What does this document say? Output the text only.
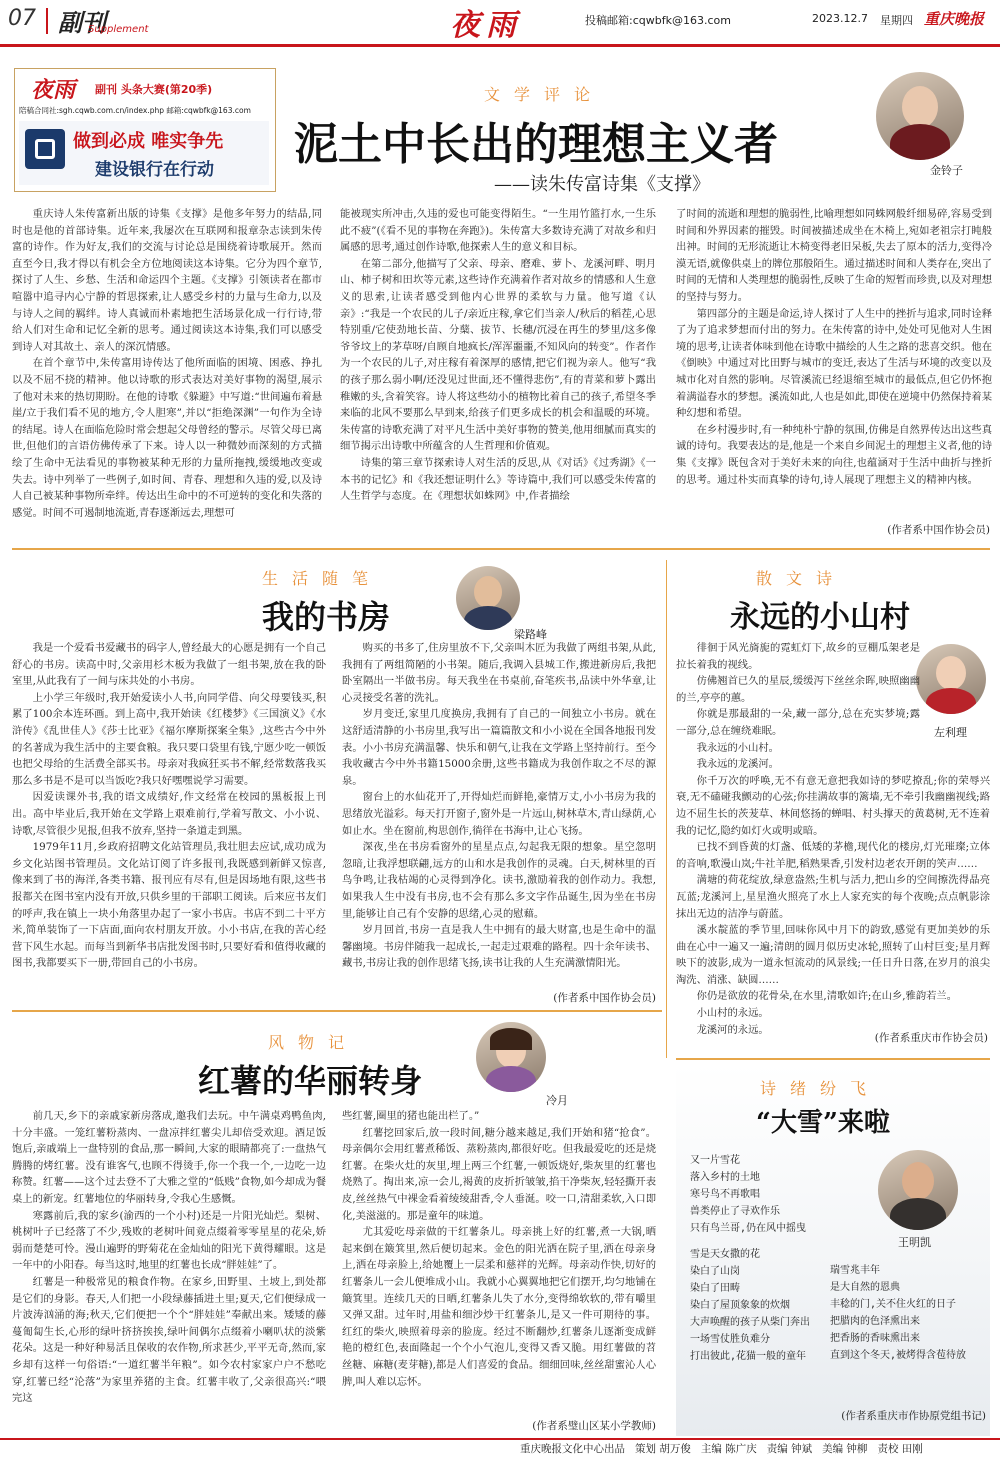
07 副刊
Supplement	夜雨	投稿邮箱:cqwbfk@163.com	2023.12.7 星期四 重庆晚报
夜雨 副刊 头条大赛(第20季)
陪稿合同社:sgh.cqwb.com.cn/index.php 邮箱:cqwbfk@163.com
做到必成 唯实争先
建设银行在行动
文学评论
泥土中长出的理想主义者
——读朱传富诗集《支撑》
金铃子

重庆诗人朱传富新出版的诗集《支撑》是他多年努力的结晶,同时也是他的首部诗集。近年来,我屡次在互联网和报章杂志读到朱传富的诗作。作为好友,我们的交流与讨论总是围绕着诗歌展开。然而直至今日,我才得以有机会全方位地阅读这本诗集。它分为四个章节,探讨了人生、乡愁、生活和命运四个主题。《支撑》引领读者在都市喧嚣中追寻内心宁静的哲思探索,让人感受乡村的力量与生命力,以及与诗人之间的羁绊。诗人真诚而朴素地把生活场景化成一行行诗,带给人们对生命和记忆全新的思考。通过阅读这本诗集,我们可以感受到诗人对其故土、亲人的深沉情感。

在首个章节中,朱传富用诗传达了他所面临的困境、困惑、挣扎以及不屈不挠的精神。他以诗歌的形式表达对美好事物的渴望,展示了他对未来的热切期盼。在他的诗歌《躲避》中写道:“世间遍布着悬崖/立于我们看不见的地方,令人胆寒”,并以“拒绝深渊”一句作为全诗的结尾。诗人在面临危险时常会想起父母曾经的警示。尽管父母已离世,但他们的言语仿佛传承了下来。诗人以一种微妙而深刻的方式描绘了生命中无法看见的事物被某种无形的力量所拖拽,缓缓地改变或失去。诗中列举了一些例子,如时间、青春、理想和久违的爱,以及诗人自己被某种事物所牵绊。传达出生命中的不可逆转的变化和失落的感觉。时间不可遏制地流逝,青春逐渐远去,理想可

能被现实所冲击,久违的爱也可能变得陌生。“一生用竹篮打水,一生乐此不疲”(《看不见的事物在奔跑》)。朱传富大多数诗充满了对故乡和归属感的思考,通过创作诗歌,他探索人生的意义和目标。

在第二部分,他描写了父亲、母亲、磨难、萝卜、龙溪河畔、明月山、柿子树和田坎等元素,这些诗作充满着作者对故乡的情感和人生意义的思索,让读者感受到他内心世界的柔软与力量。他写道《认亲》:“我是一个农民的儿子/亲近庄稼,拿它们当亲人/秋后的稻茬,心思特别重/它使劲地长苗、分蘖、拔节、长穗/沉浸在再生的梦里/这多像爷爷坟上的茅草呀/自顾自地疯长/浑浑噩噩,不知风向的转变”。作者作为一个农民的儿子,对庄稼有着深厚的感情,把它们视为亲人。他写“我的孩子那么弱小啊/还没见过世面,还不懂得悲伤”,有的青菜和萝卜露出稚嫩的头,含着笑容。诗人将这些幼小的植物比着自己的孩子,希望冬季来临的北风不要那么早到来,给孩子们更多成长的机会和温暖的环境。朱传富的诗歌充满了对平凡生活中美好事物的赞美,他用细腻而真实的细节揭示出诗歌中所蕴含的人生哲理和价值观。

诗集的第三章节探索诗人对生活的反思,从《对话》《过秀湖》《一本书的记忆》和《我还想证明什么》等诗篇中,我们可以感受朱传富的人生哲学与态度。在《理想状如蛛网》中,作者描绘

了时间的流逝和理想的脆弱性,比喻理想如同蛛网般纤细易碎,容易受到时间和外界因素的摧毁。时间被描述成坐在木椅上,宛如老祖宗打盹般出神。时间的无形流逝让木椅变得老旧呆板,失去了原本的活力,变得冷漠无语,就像供桌上的牌位那般陌生。通过描述时间和人类存在,突出了时间的无情和人类理想的脆弱性,反映了生命的短暂而珍贵,以及对理想的坚持与努力。

第四部分的主题是命运,诗人探讨了人生中的挫折与追求,同时诠释了为了追求梦想而付出的努力。在朱传富的诗中,处处可见他对人生困境的思考,让读者体味到他在诗歌中描绘的人生之路的悲喜交织。他在《倒映》中通过对比田野与城市的变迁,表达了生活与环境的改变以及城市化对自然的影响。尽管溪流已经退缩至城市的最低点,但它仍怀抱着满溢春水的梦想。溪流如此,人也是如此,即使在逆境中仍然保持着某种幻想和希望。

在乡村漫步时,有一种纯朴宁静的氛围,仿佛是自然界传达出这些真诚的诗句。我要表达的是,他是一个来自乡间泥土的理想主义者,他的诗集《支撑》既包含对于美好未来的向往,也蕴涵对于生活中曲折与挫折的思考。通过朴实而真挚的诗句,诗人展现了理想主义的精神内核。

(作者系中国作协会员)
生活随笔
我的书房	梁路峰

我是一个爱看书爱藏书的码字人,曾经最大的心愿是拥有一个自己舒心的书房。读高中时,父亲用杉木板为我做了一组书架,放在我的卧室里,从此我有了一间与床共处的小书房。

上小学三年级时,我开始爱读小人书,向同学借、向父母要钱买,积累了100余本连环画。到上高中,我开始读《红楼梦》《三国演义》《水浒传》《乱世佳人》《莎士比亚》《福尔摩斯探案全集》,这些古今中外的名著成为我生活中的主要食粮。我只要口袋里有钱,宁愿少吃一顿饭也把父母给的生活费全部买书。母亲对我疯狂买书不解,经常数落我买那么多书是不是可以当饭吃?我只好嘿嘿说学习需要。

因爱读课外书,我的语文成绩好,作文经常在校园的黑板报上刊出。高中毕业后,我开始在文学路上艰难前行,学着写散文、小小说、诗歌,尽管很少见报,但我不放弃,坚持一条道走到黑。

1979年11月,乡政府招聘文化站管理员,我壮胆去应试,成功成为乡文化站图书管理员。文化站订阅了许多报刊,我既感到新鲜又惊喜,像来到了书的海洋,各类书籍、报刊应有尽有,但是因场地有限,这些书报都关在图书室内没有开放,只供乡里的干部职工阅读。后来应书友们的呼声,我在镇上一块小角落里办起了一家小书店。书店不到二十平方米,简单装饰了一下店面,面向农村朋友开放。小小书店,在我的苦心经营下风生水起。而每当到新华书店批发图书时,只要好看和值得收藏的图书,我都要买下一册,带回自己的小书房。

购买的书多了,住房里放不下,父亲叫木匠为我做了两组书架,从此,我拥有了两组简陋的小书架。随后,我调入县城工作,搬进新房后,我把卧室隔出一半做书房。每天我坐在书桌前,奋笔疾书,品读中外华章,让心灵接受名著的洗礼。

岁月变迁,家里几度换房,我拥有了自己的一间独立小书房。就在这舒适清静的小书房里,我写出一篇篇散文和小小说在全国各地报刊发表。小小书房充满温馨、快乐和朝气,让我在文学路上坚持前行。至今我收藏古今中外书籍15000余册,这些书籍成为我创作取之不尽的源泉。

窗台上的水仙花开了,开得灿烂而鲜艳,豪情万丈,小小书房为我的思绪放光溢彩。每天打开窗子,窗外是一片远山,树林草木,青山绿荫,心如止水。坐在窗前,构思创作,徜徉在书海中,让心飞扬。

深夜,坐在书房看窗外的星星点点,勾起我无限的想象。星空忽明忽暗,让我浮想联翩,远方的山和水是我创作的灵魂。白天,树林里的百鸟争鸣,让我枯竭的心灵得到净化。读书,激励着我的创作动力。我想,如果我人生中没有书房,也不会有那么多文字作品诞生,因为坐在书房里,能够让自己有个安静的思绪,心灵的慰藉。

岁月回首,书房一直是我人生中拥有的最大财富,也是生命中的温馨幽境。书房伴随我一起成长,一起走过艰难的路程。四十余年读书、藏书,书房让我的创作思绪飞扬,读书让我的人生充满激情阳光。

(作者系中国作协会员)
散文诗
永远的小山村
左利理

徘徊于风光旖旎的霓虹灯下,故乡的豆棚瓜架老是拉长着我的视线。

仿佛翘首已久的星辰,缓缓泻下丝丝余晖,映照幽幽的兰,亭亭的蕙。

你就是那最甜的一朵,藏一部分,总在充实梦境;露一部分,总在缠绕难眠。

我永远的小山村。

我永远的龙溪河。

你千万次的呼唤,无不有意无意把我如诗的梦呓撩乱;你的荣辱兴衰,无不磕碰我颤动的心弦;你挂满故事的篱墙,无不牵引我幽幽视线;路边不屈生长的茨茇草、林间悠扬的蝉唱、村头撑天的黄葛树,无不连着我的记忆,隐约如灯火或明或暗。

已找不到昏黄的灯盏、低矮的茅檐,现代化的楼房,灯光璀璨;立体的音响,歌漫山岚;牛社羊肥,稻熟果香,引发村边老农开朗的笑声……

满塘的荷花绽放,绿意盎然;生机与活力,把山乡的空间擦洗得晶亮瓦蓝;龙溪河上,星星渔火照亮了水上人家充实的每个夜晚;点点帆影涂抹出无边的洁净与蔚蓝。

溪水靛蓝的季节里,回味你风中月下的韵致,感觉有更加美妙的乐曲在心中一遍又一遍;清朗的圆月似历史冰轮,照转了山村巨变;星月辉映下的波影,成为一道永恒流动的风景线;一任日升日落,在岁月的浪尖淘洗、消涨、缺圆……

你仍是欲放的花骨朵,在水里,清歌如许;在山乡,雅韵若兰。

小山村的永远。

龙溪河的永远。

(作者系重庆市作协会员)
风物记
红薯的华丽转身
冷月

前几天,乡下的亲戚家新房落成,邀我们去玩。中午满桌鸡鸭鱼肉,十分丰盛。一笼红薯粉蒸肉、一盘凉拌红薯尖儿却倍受欢迎。酒足饭饱后,亲戚端上一盘特别的食品,那一瞬间,大家的眼睛都亮了:一盘热气腾腾的烤红薯。没有谁客气,也顾不得烫手,你一个我一个,一边吃一边称赞。红薯——这个过去登不了大雅之堂的“低贱”食物,如今却成为餐桌上的新宠。红薯地位的华丽转身,令我心生感慨。

寒露前后,我的家乡(渝西的一个小村)还是一片阳光灿烂。梨树、桃树叶子已经落了不少,残败的老树叶间竟点缀着零零星星的花朵,娇弱而楚楚可怜。漫山遍野的野菊花在金灿灿的阳光下黄得耀眼。这是一年中的小阳春。每当这时,地里的红薯也长成“胖娃娃”了。

红薯是一种极常见的粮食作物。在家乡,田野里、土坡上,到处都是它们的身影。春天,人们把一小段绿藤插进土里;夏天,它们便绿成一片波涛汹涌的海;秋天,它们便把一个个“胖娃娃”奉献出来。矮矮的藤蔓匍匐生长,心形的绿叶挤挤挨挨,绿叶间偶尔点缀着小喇叭状的淡紫花朵。这是一种好种易活且保收的农作物,所求甚少,平平无奇,然而,家乡却有这样一句俗语:“一道红薯半年粮”。如今农村家家户户不愁吃穿,红薯已经“沦落”为家里养猪的主食。红薯丰收了,父亲很高兴:“喂完这

些红薯,圈里的猪也能出栏了。”

红薯挖回家后,放一段时间,糖分越来越足,我们开始和猪“抢食”。母亲偶尔会用红薯煮稀饭、蒸粉蒸肉,都很好吃。但我最爱吃的还是烧红薯。在柴火灶的灰里,埋上两三个红薯,一顿饭烧好,柴灰里的红薯也烧熟了。掏出来,凉一会儿,褐黄的皮折折皱皱,掐干净柴灰,轻轻撕开表皮,丝丝热气中裸金看着绫绫甜香,令人垂涎。咬一口,清甜柔软,入口即化,美滋滋的。那是童年的味道。

尤其爱吃母亲做的干红薯条儿。母亲挑上好的红薯,煮一大锅,晒起来倒在簸箕里,然后便切起来。金色的阳光洒在院子里,洒在母亲身上,洒在母亲脸上,给她覆上一层柔和慈祥的光辉。母亲动作快,切好的红薯条儿一会儿便堆成小山。我就小心翼翼地把它们摆开,均匀地铺在簸箕里。连续几天的日晒,红薯条儿失了水分,变得绵软软的,带有嚼里又弹又甜。过年时,用盐和细沙炒干红薯条儿,是又一件可期待的事。红红的柴火,映照着母亲的脸庞。经过不断翻炒,红薯条儿逐渐变成鲜艳的橙红色,表面隆起一个个小气泡儿,变得又香又脆。用红薯做的苕丝糖、麻糖(麦芽糖),都是人们喜爱的食品。细细回味,丝丝甜蜜沁人心脾,叫人难以忘怀。

(作者系璧山区某小学教师)
诗绪纷飞
“大雪”来啦
王明凯
又一片雪花
落入乡村的土地
寒号鸟不再歌唱
兽类停止了寻欢作乐
只有鸟兰哥,仍在风中摇曳
雪是天女撒的花
染白了山岗
染白了田畴
染白了屋顶象象的炊烟
大声唤醒的孩子从柴门奔出
一场雪仗胜负难分
打出彼此,花猫一般的童年
瑞雪兆丰年
是大自然的恩典
丰稔的门,关不住火红的日子
把腊肉的色泽熏出来
把香肠的香味熏出来
直到这个冬天,被烤得含苞待放
(作者系重庆市作协原党组书记)
重庆晚报文化中心出品 策划 胡万俊 主编 陈广庆 责编 钟斌 美编 钟柳 责校 田刚
